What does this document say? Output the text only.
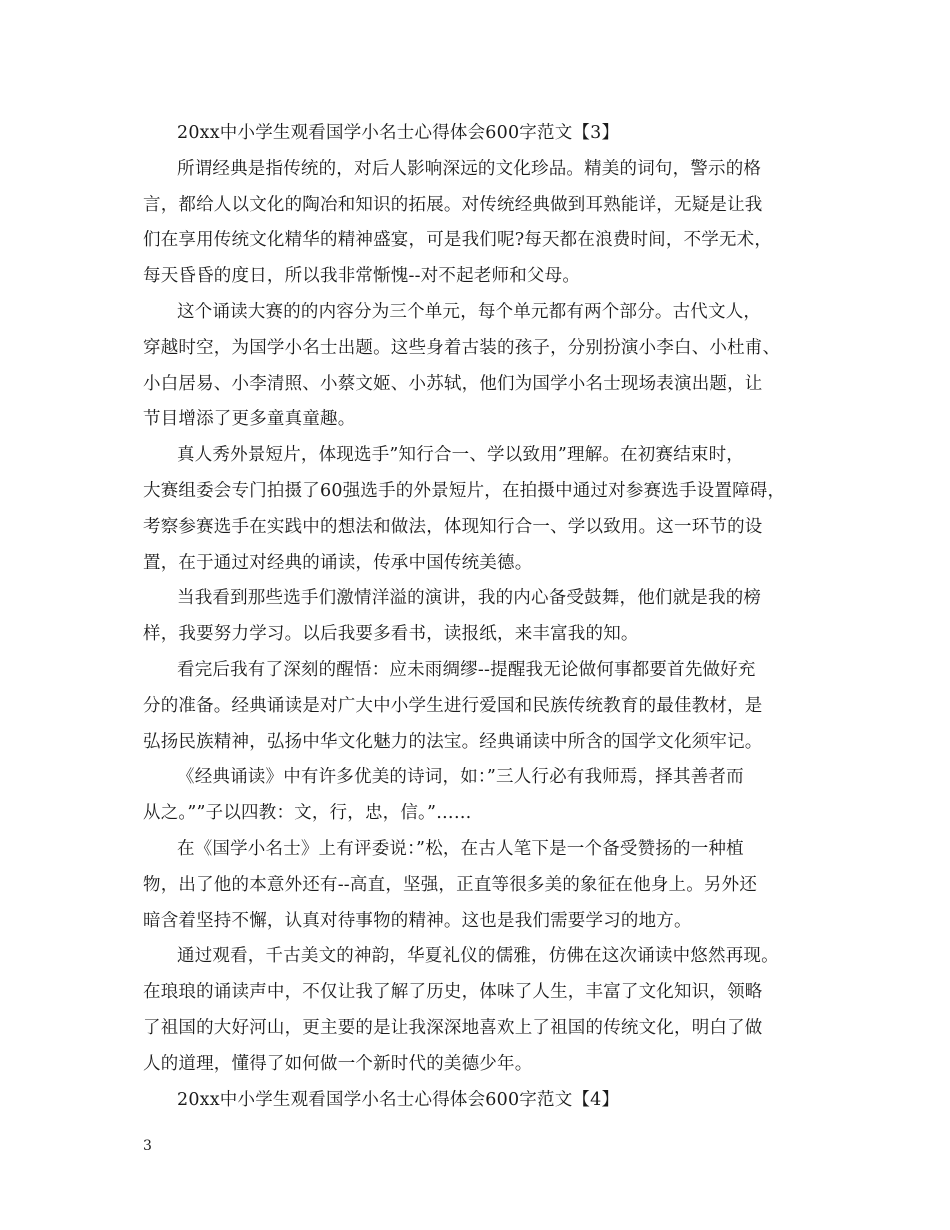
20xx中小学生观看国学小名士心得体会600字范文【3】
所谓经典是指传统的，对后人影响深远的文化珍品。精美的词句，警示的格
言，都给人以文化的陶冶和知识的拓展。对传统经典做到耳熟能详，无疑是让我
们在享用传统文化精华的精神盛宴，可是我们呢?每天都在浪费时间，不学无术，
每天昏昏的度日，所以我非常惭愧--对不起老师和父母。
这个诵读大赛的的内容分为三个单元，每个单元都有两个部分。古代文人，
穿越时空，为国学小名士出题。这些身着古装的孩子，分别扮演小李白、小杜甫、
小白居易、小李清照、小蔡文姬、小苏轼，他们为国学小名士现场表演出题，让
节目增添了更多童真童趣。
真人秀外景短片，体现选手”知行合一、学以致用”理解。在初赛结束时，
大赛组委会专门拍摄了60强选手的外景短片，在拍摄中通过对参赛选手设置障碍，
考察参赛选手在实践中的想法和做法，体现知行合一、学以致用。这一环节的设
置，在于通过对经典的诵读，传承中国传统美德。
当我看到那些选手们激情洋溢的演讲，我的内心备受鼓舞，他们就是我的榜
样，我要努力学习。以后我要多看书，读报纸，来丰富我的知。
看完后我有了深刻的醒悟：应未雨绸缪--提醒我无论做何事都要首先做好充
分的准备。经典诵读是对广大中小学生进行爱国和民族传统教育的最佳教材，是
弘扬民族精神，弘扬中华文化魅力的法宝。经典诵读中所含的国学文化须牢记。
《经典诵读》中有许多优美的诗词，如：”三人行必有我师焉，择其善者而
从之。””子以四教：文，行，忠，信。”……
在《国学小名士》上有评委说：”松，在古人笔下是一个备受赞扬的一种植
物，出了他的本意外还有--高直，坚强，正直等很多美的象征在他身上。另外还
暗含着坚持不懈，认真对待事物的精神。这也是我们需要学习的地方。
通过观看，千古美文的神韵，华夏礼仪的儒雅，仿佛在这次诵读中悠然再现。
在琅琅的诵读声中，不仅让我了解了历史，体味了人生，丰富了文化知识，领略
了祖国的大好河山，更主要的是让我深深地喜欢上了祖国的传统文化，明白了做
人的道理，懂得了如何做一个新时代的美德少年。
20xx中小学生观看国学小名士心得体会600字范文【4】
3
